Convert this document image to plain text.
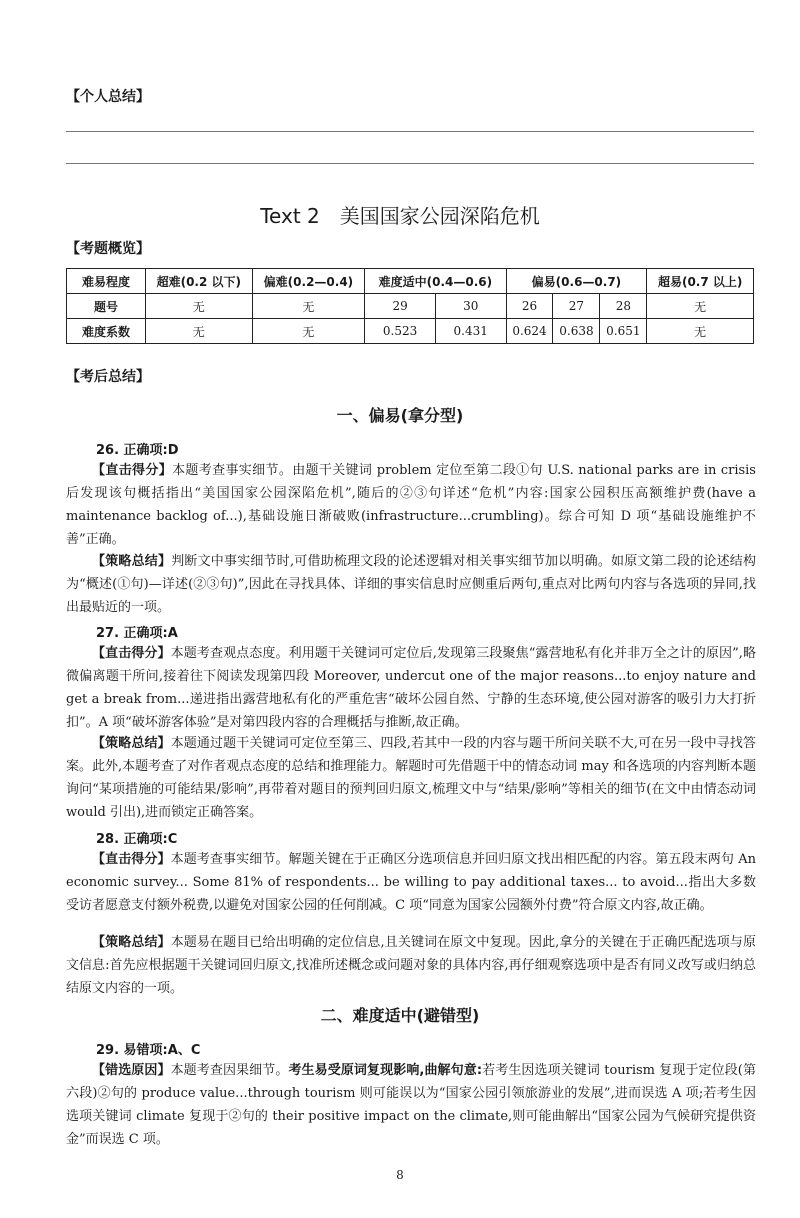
【个人总结】
Text 2　美国国家公园深陷危机
【考题概览】
难易程度	超难(0.2 以下)	偏难(0.2—0.4)	难度适中(0.4—0.6)		偏易(0.6—0.7)			超易(0.7 以上)
题号	无	无	29	30	26	27	28	无
难度系数	无	无	0.523	0.431	0.624	0.638	0.651	无
【考后总结】
一、偏易(拿分型)
26. 正确项:D
【直击得分】本题考查事实细节。由题干关键词 problem 定位至第二段①句 U.S. national parks are in crisis 后发现该句概括指出“美国国家公园深陷危机”,随后的②③句详述“危机”内容:国家公园积压高额维护费(have a maintenance backlog of...),基础设施日渐破败(infrastructure...crumbling)。综合可知 D 项“基础设施维护不善”正确。
【策略总结】判断文中事实细节时,可借助梳理文段的论述逻辑对相关事实细节加以明确。如原文第二段的论述结构为“概述(①句)—详述(②③句)”,因此在寻找具体、详细的事实信息时应侧重后两句,重点对比两句内容与各选项的异同,找出最贴近的一项。
27. 正确项:A
【直击得分】本题考查观点态度。利用题干关键词可定位后,发现第三段聚焦“露营地私有化并非万全之计的原因”,略微偏离题干所问,接着往下阅读发现第四段 Moreover, undercut one of the major reasons...to enjoy nature and get a break from...递进指出露营地私有化的严重危害“破坏公园自然、宁静的生态环境,使公园对游客的吸引力大打折扣”。A 项“破坏游客体验”是对第四段内容的合理概括与推断,故正确。
【策略总结】本题通过题干关键词可定位至第三、四段,若其中一段的内容与题干所问关联不大,可在另一段中寻找答案。此外,本题考查了对作者观点态度的总结和推理能力。解题时可先借题干中的情态动词 may 和各选项的内容判断本题询问“某项措施的可能结果/影响”,再带着对题目的预判回归原文,梳理文中与“结果/影响”等相关的细节(在文中由情态动词 would 引出),进而锁定正确答案。
28. 正确项:C
【直击得分】本题考查事实细节。解题关键在于正确区分选项信息并回归原文找出相匹配的内容。第五段末两句 An economic survey... Some 81% of respondents... be willing to pay additional taxes... to avoid...指出大多数受访者愿意支付额外税费,以避免对国家公园的任何削减。C 项“同意为国家公园额外付费”符合原文内容,故正确。
【策略总结】本题易在题目已给出明确的定位信息,且关键词在原文中复现。因此,拿分的关键在于正确匹配选项与原文信息:首先应根据题干关键词回归原文,找准所述概念或问题对象的具体内容,再仔细观察选项中是否有同义改写或归纳总结原文内容的一项。
二、难度适中(避错型)
29. 易错项:A、C
【错选原因】本题考查因果细节。考生易受原词复现影响,曲解句意:若考生因选项关键词 tourism 复现于定位段(第六段)②句的 produce value...through tourism 则可能误以为“国家公园引领旅游业的发展”,进而误选 A 项;若考生因选项关键词 climate 复现于②句的 their positive impact on the climate,则可能曲解出“国家公园为气候研究提供资金”而误选 C 项。
8
